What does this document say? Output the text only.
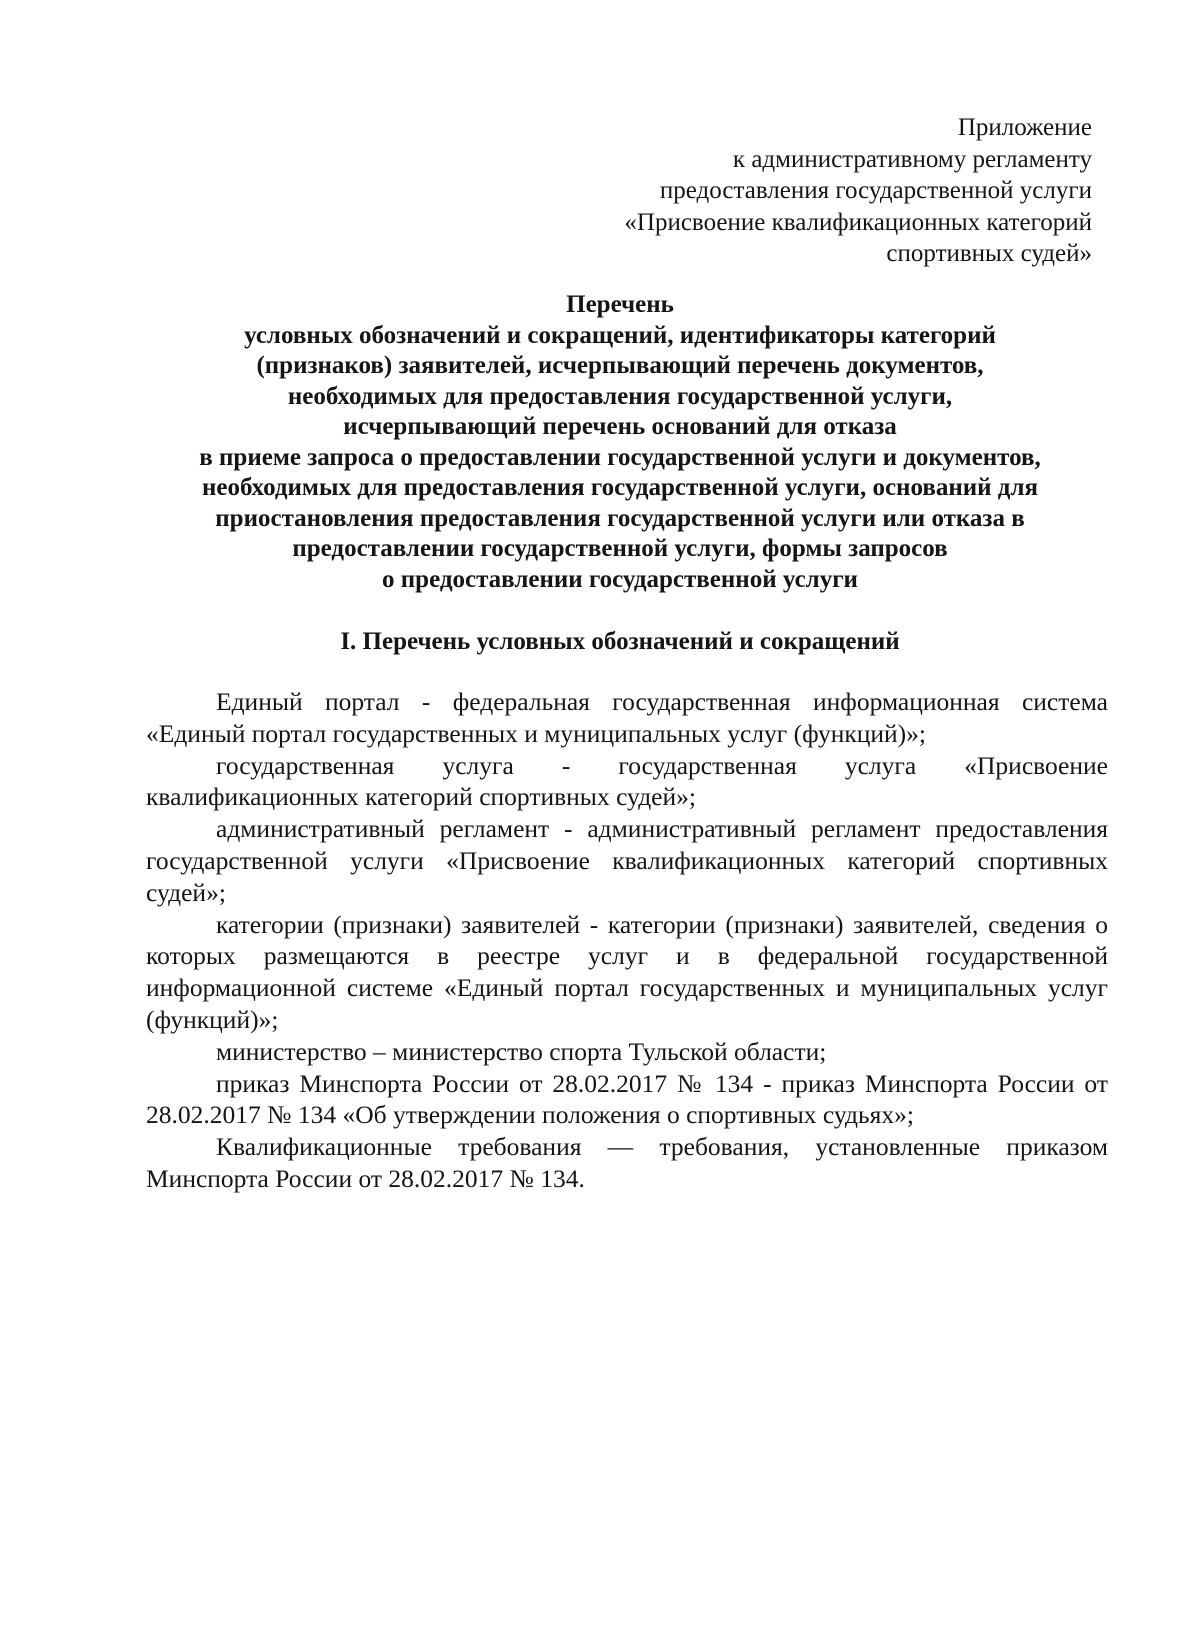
Приложение
к административному регламенту
предоставления государственной услуги
«Присвоение квалификационных категорий
спортивных судей»
Перечень
условных обозначений и сокращений, идентификаторы категорий
(признаков) заявителей, исчерпывающий перечень документов,
необходимых для предоставления государственной услуги,
исчерпывающий перечень оснований для отказа
в приеме запроса о предоставлении государственной услуги и документов,
необходимых для предоставления государственной услуги, оснований для
приостановления предоставления государственной услуги или отказа в
предоставлении государственной услуги, формы запросов
о предоставлении государственной услуги
I. Перечень условных обозначений и сокращений

Единый портал - федеральная государственная информационная система «Единый портал государственных и муниципальных услуг (функций)»;

государственная услуга - государственная услуга «Присвоение квалификационных категорий спортивных судей»;

административный регламент - административный регламент предоставления государственной услуги «Присвоение квалификационных категорий спортивных судей»;

категории (признаки) заявителей - категории (признаки) заявителей, сведения о которых размещаются в реестре услуг и в федеральной государственной информационной системе «Единый портал государственных и муниципальных услуг (функций)»;

министерство – министерство спорта Тульской области;

приказ Минспорта России от 28.02.2017 № 134 - приказ Минспорта России от 28.02.2017 № 134 «Об утверждении положения о спортивных судьях»;

Квалификационные требования — требования, установленные приказом Минспорта России от 28.02.2017 № 134.
